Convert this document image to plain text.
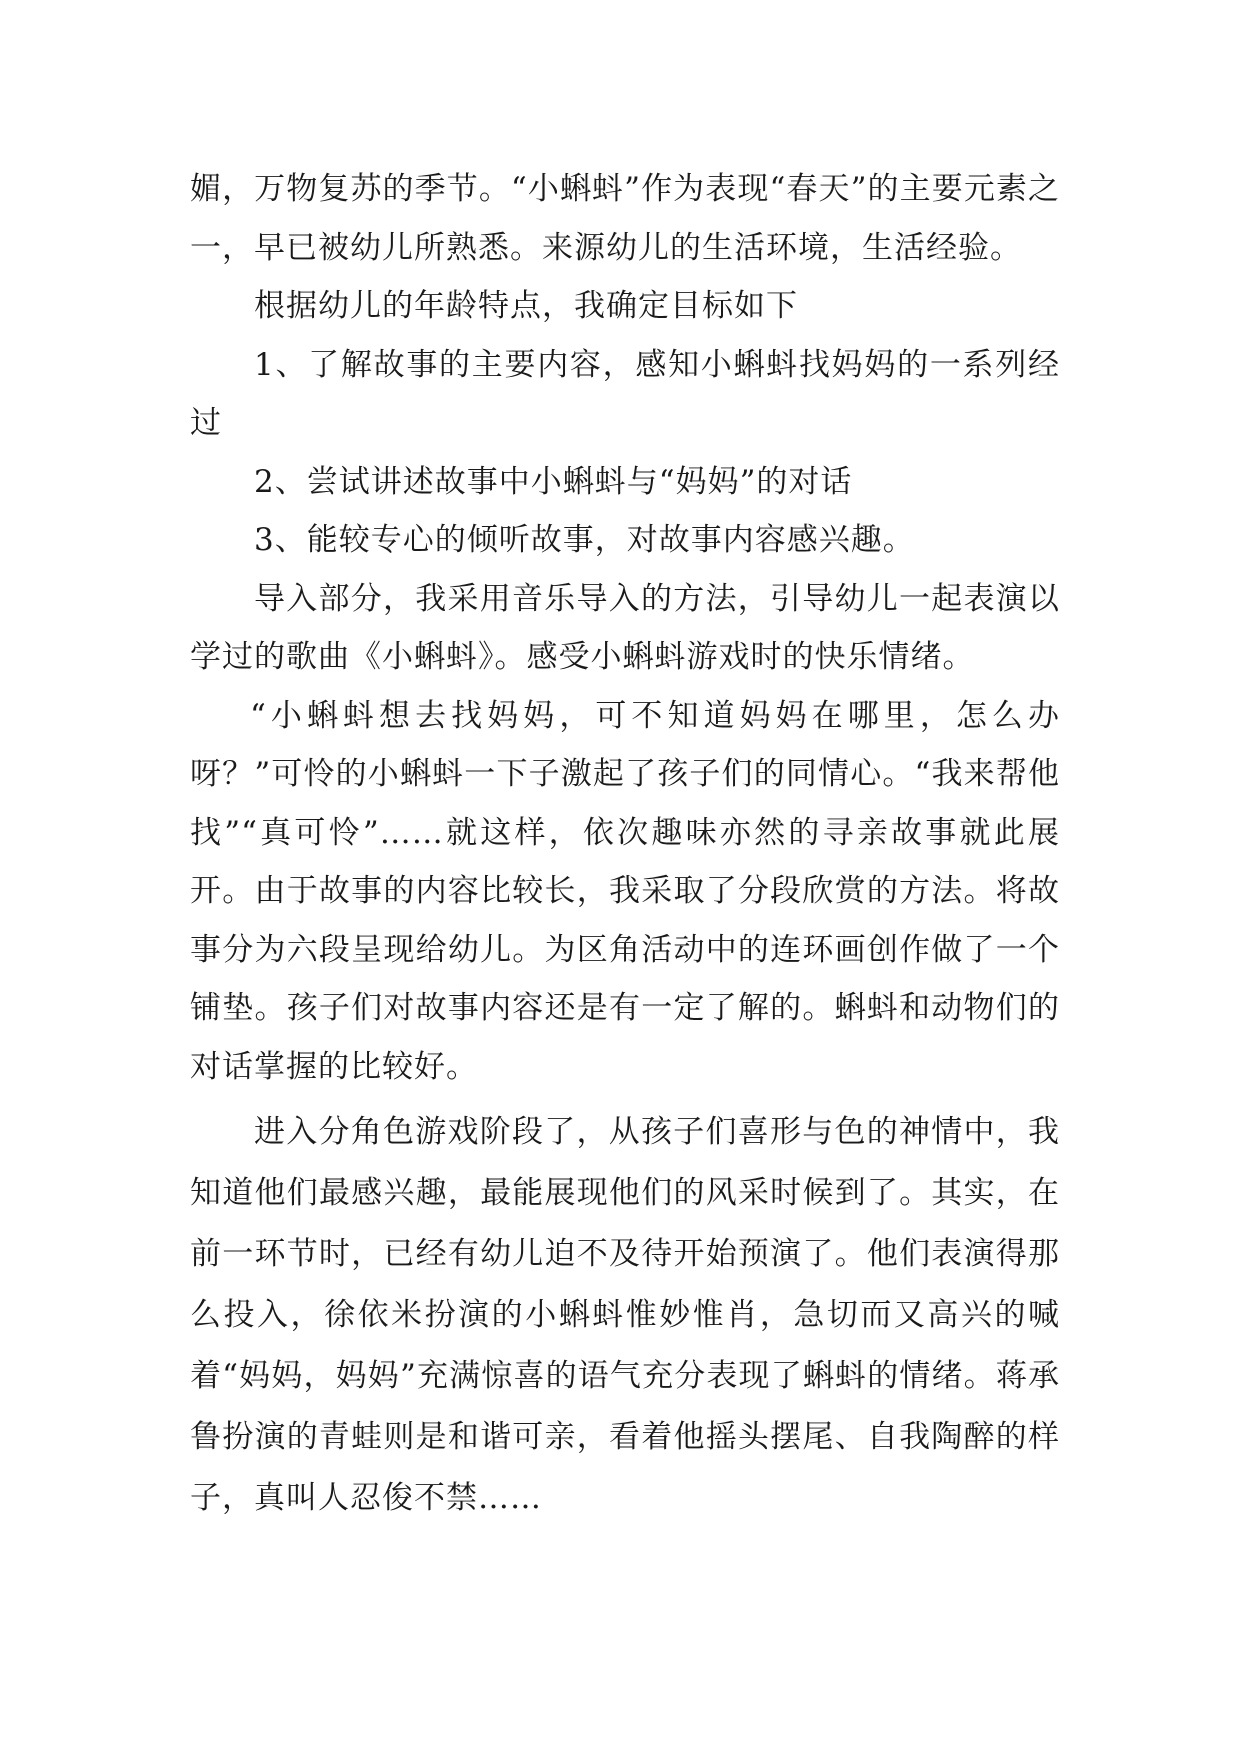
媚，万物复苏的季节。“小蝌蚪”作为表现“春天”的主要元素之一，早已被幼儿所熟悉。来源幼儿的生活环境，生活经验。

根据幼儿的年龄特点，我确定目标如下

1、了解故事的主要内容，感知小蝌蚪找妈妈的一系列经过

2、尝试讲述故事中小蝌蚪与“妈妈”的对话

3、能较专心的倾听故事，对故事内容感兴趣。

导入部分，我采用音乐导入的方法，引导幼儿一起表演以学过的歌曲《小蝌蚪》。感受小蝌蚪游戏时的快乐情绪。

“小蝌蚪想去找妈妈，可不知道妈妈在哪里，怎么办呀？”可怜的小蝌蚪一下子激起了孩子们的同情心。“我来帮他找”“真可怜”……就这样，依次趣味亦然的寻亲故事就此展开。由于故事的内容比较长，我采取了分段欣赏的方法。将故事分为六段呈现给幼儿。为区角活动中的连环画创作做了一个铺垫。孩子们对故事内容还是有一定了解的。蝌蚪和动物们的对话掌握的比较好。

进入分角色游戏阶段了，从孩子们喜形与色的神情中，我知道他们最感兴趣，最能展现他们的风采时候到了。其实，在前一环节时，已经有幼儿迫不及待开始预演了。他们表演得那么投入，徐依米扮演的小蝌蚪惟妙惟肖，急切而又高兴的喊着“妈妈，妈妈”充满惊喜的语气充分表现了蝌蚪的情绪。蒋承鲁扮演的青蛙则是和谐可亲，看着他摇头摆尾、自我陶醉的样子，真叫人忍俊不禁……
